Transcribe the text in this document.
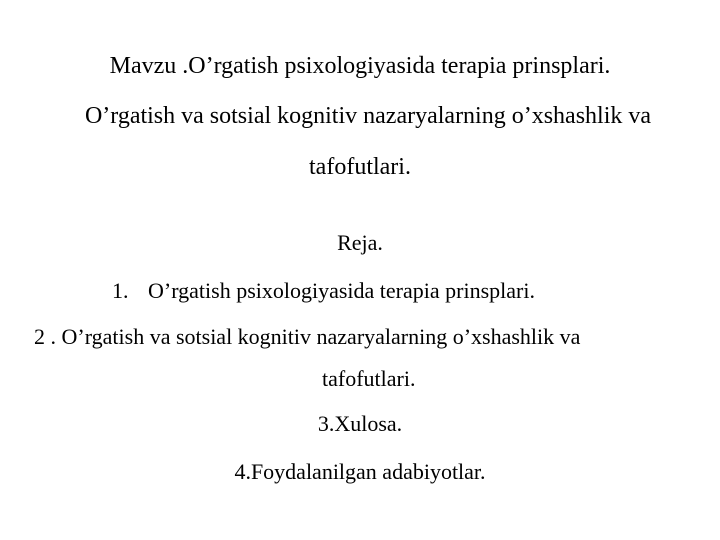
Mavzu .O’rgatish psixologiyasida terapia prinsplari.
O’rgatish va sotsial kognitiv nazaryalarning o’xshashlik va
tafofutlari.
Reja.
1. O’rgatish psixologiyasida terapia prinsplari.
2 . O’rgatish va sotsial kognitiv nazaryalarning o’xshashlik va
tafofutlari.
3.Xulosa.
4.Foydalanilgan adabiyotlar.
